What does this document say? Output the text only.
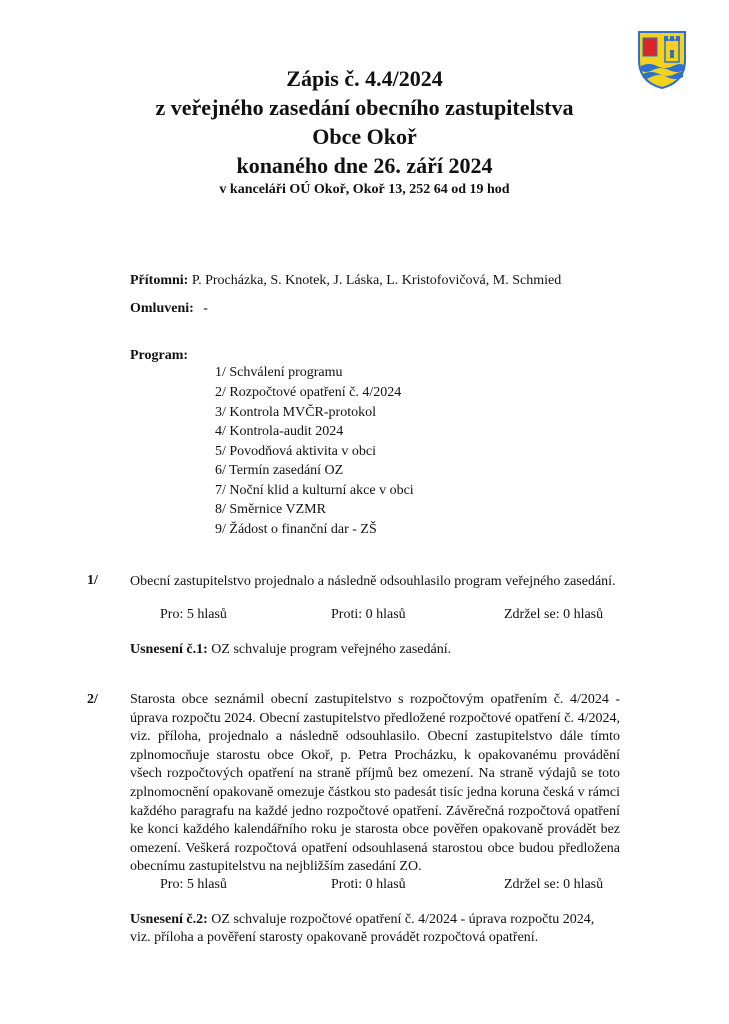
Zápis č. 4.4/2024
z veřejného zasedání obecního zastupitelstva
Obce Okoř
konaného dne 26. září 2024
v kanceláři OÚ Okoř, Okoř 13, 252 64 od 19 hod
Přítomni: P. Procházka, S. Knotek, J. Láska, L. Kristofovičová, M. Schmied
Omluveni: -
Program:
1/ Schválení programu
2/ Rozpočtové opatření č. 4/2024
3/ Kontrola MVČR-protokol
4/ Kontrola-audit 2024
5/ Povodňová aktivita v obci
6/ Termín zasedání OZ
7/ Noční klid a kulturní akce v obci
8/ Směrnice VZMR
9/ Žádost o finanční dar - ZŠ
1/ Obecní zastupitelstvo projednalo a následně odsouhlasilo program veřejného zasedání.
Pro: 5 hlasů	Proti: 0 hlasů	Zdržel se: 0 hlasů
Usnesení č.1: OZ schvaluje program veřejného zasedání.
2/ Starosta obce seznámil obecní zastupitelstvo s rozpočtovým opatřením č. 4/2024 - úprava rozpočtu 2024. Obecní zastupitelstvo předložené rozpočtové opatření č. 4/2024, viz. příloha, projednalo a následně odsouhlasilo. Obecní zastupitelstvo dále tímto zplnomocňuje starostu obce Okoř, p. Petra Procházku, k opakovanému provádění všech rozpočtových opatření na straně příjmů bez omezení. Na straně výdajů se toto zplnomocnění opakovaně omezuje částkou sto padesát tisíc jedna koruna česká v rámci každého paragrafu na každé jedno rozpočtové opatření. Závěrečná rozpočtová opatření ke konci každého kalendářního roku je starosta obce pověřen opakovaně provádět bez omezení. Veškerá rozpočtová opatření odsouhlasená starostou obce budou předložena obecnímu zastupitelstvu na nejbližším zasedání ZO.
Pro: 5 hlasů	Proti: 0 hlasů	Zdržel se: 0 hlasů
Usnesení č.2: OZ schvaluje rozpočtové opatření č. 4/2024 - úprava rozpočtu 2024,
viz. příloha a pověření starosty opakovaně provádět rozpočtová opatření.
